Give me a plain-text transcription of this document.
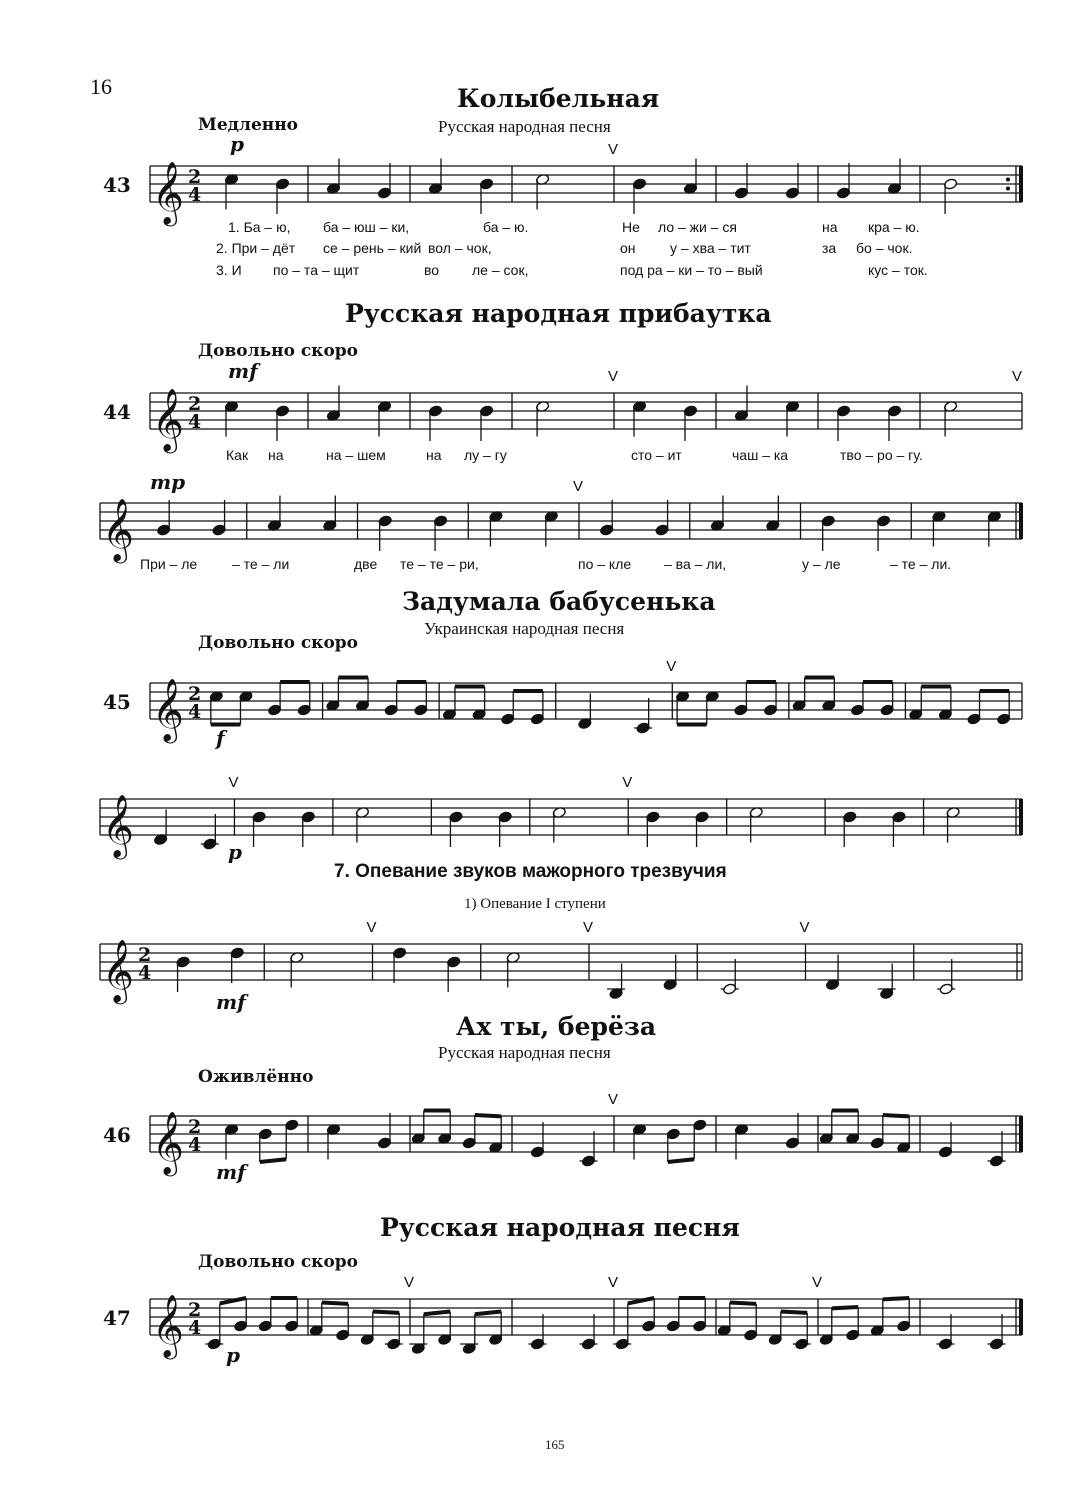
16	Колыбельная
Медленно	Русская народная песня
43
p
𝄞 2
4
V
1. Ба – ю, ба – юш – ки,	ба – ю.	Не ло – жи – ся	на кра – ю.
2. При – дёт се – рень – кий вол – чок,	он у – хва – тит	за бо – чок.
3. И по – та – щит	во ле – сок,	под ра – ки – то – вый	кус – ток.
Русская народная прибаутка
Довольно скоро
44
mf
𝄞 2
4
V	V
Как на	на – шем	на лу – гу	сто – ит	чаш – ка	тво – ро – гу.
mp
𝄞
V
При – ле – те – ли	две те – те – ри,	по – кле – ва – ли,	у – ле	– те – ли.
Задумала бабусенька
Украинская народная песня
Довольно скоро
45 𝄞 2
4
V
f
𝄞
V	V
p
7. Опевание звуков мажорного трезвучия
1) Опевание I ступени
𝄞 2
4
V	V	V
mf
Ах ты, берёза
Русская народная песня
Оживлённо
46 𝄞 2
4
V
mf
Русская народная песня
Довольно скоро
47 𝄞 2
4
V	V	V
p
165
